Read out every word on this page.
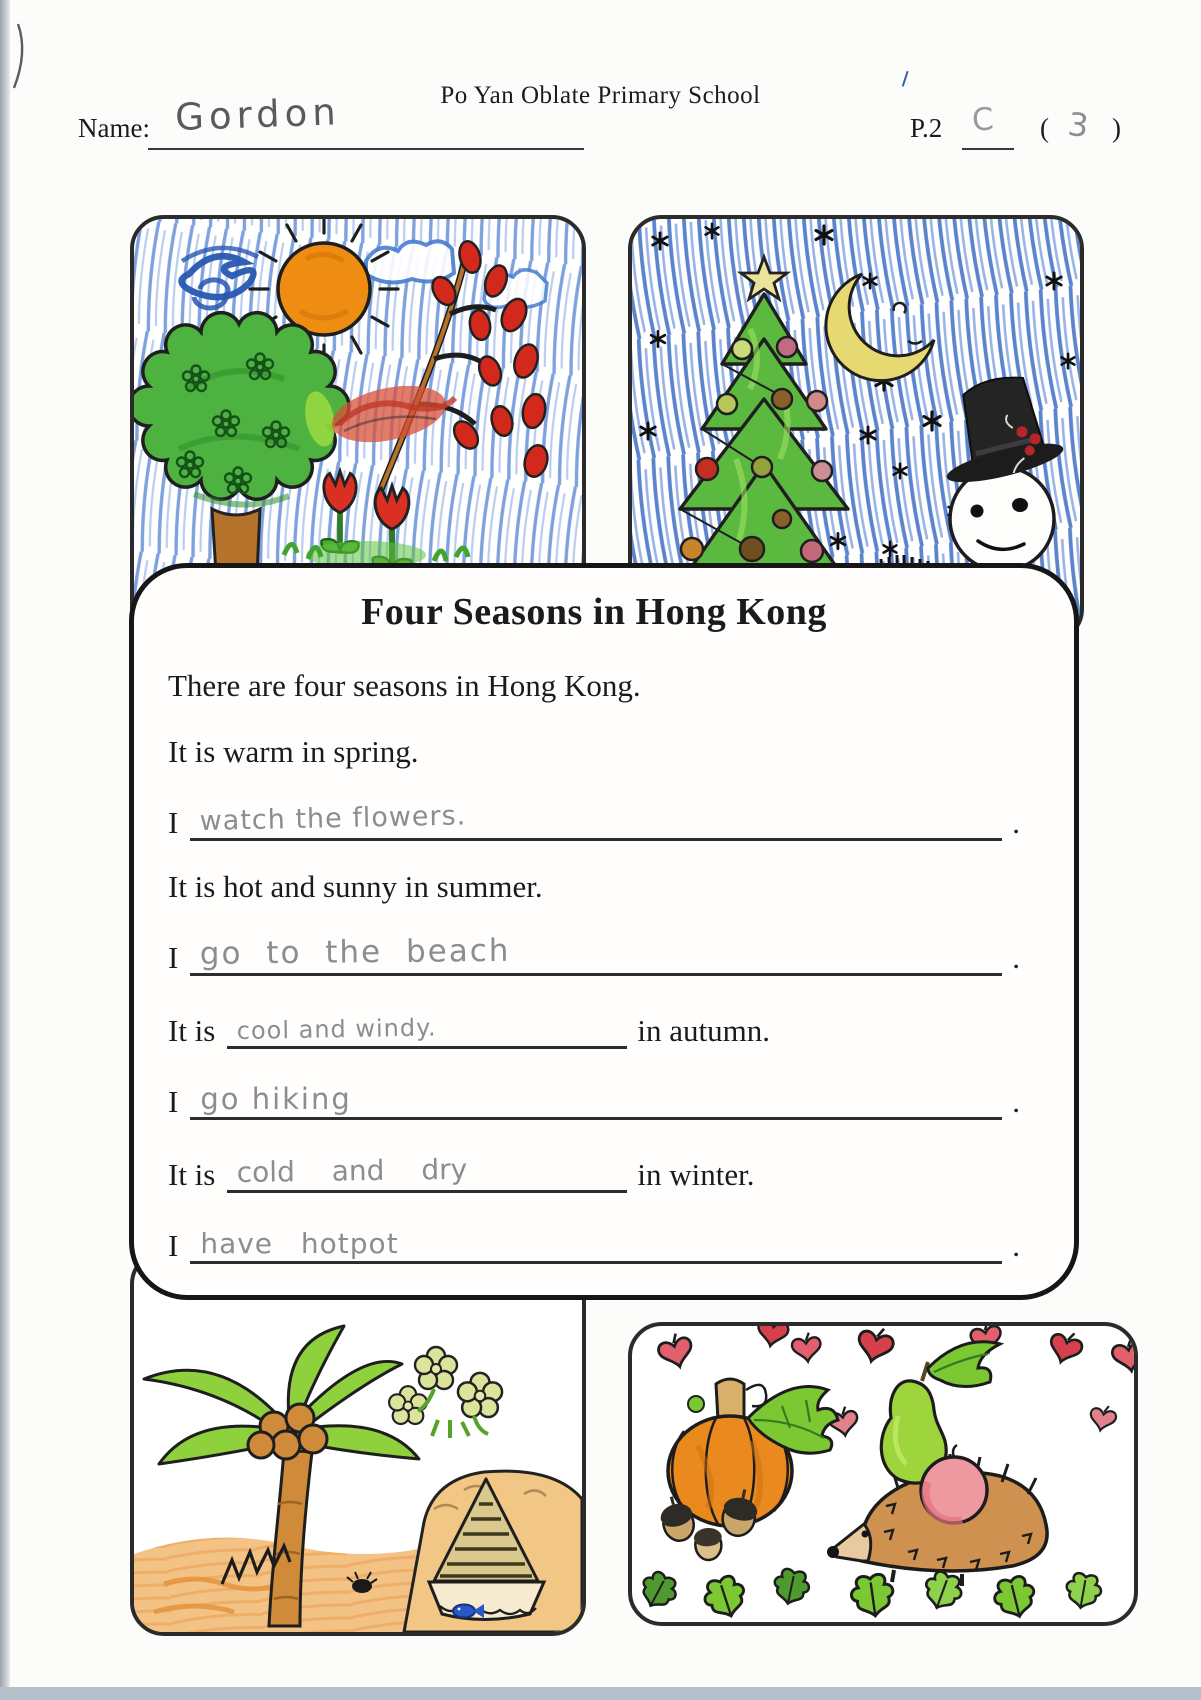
Po Yan Oblate Primary School
Name: Gordon	P.2 C ( 3 )
Four Seasons in Hong Kong
There are four seasons in Hong Kong.
It is warm in spring.
I watch the flowers.	.
It is hot and sunny in summer.
I go to the beach	.
It is cool and windy.	in autumn.
I go hiking	.
It is cold and dry	in winter.
I have hotpot	.
